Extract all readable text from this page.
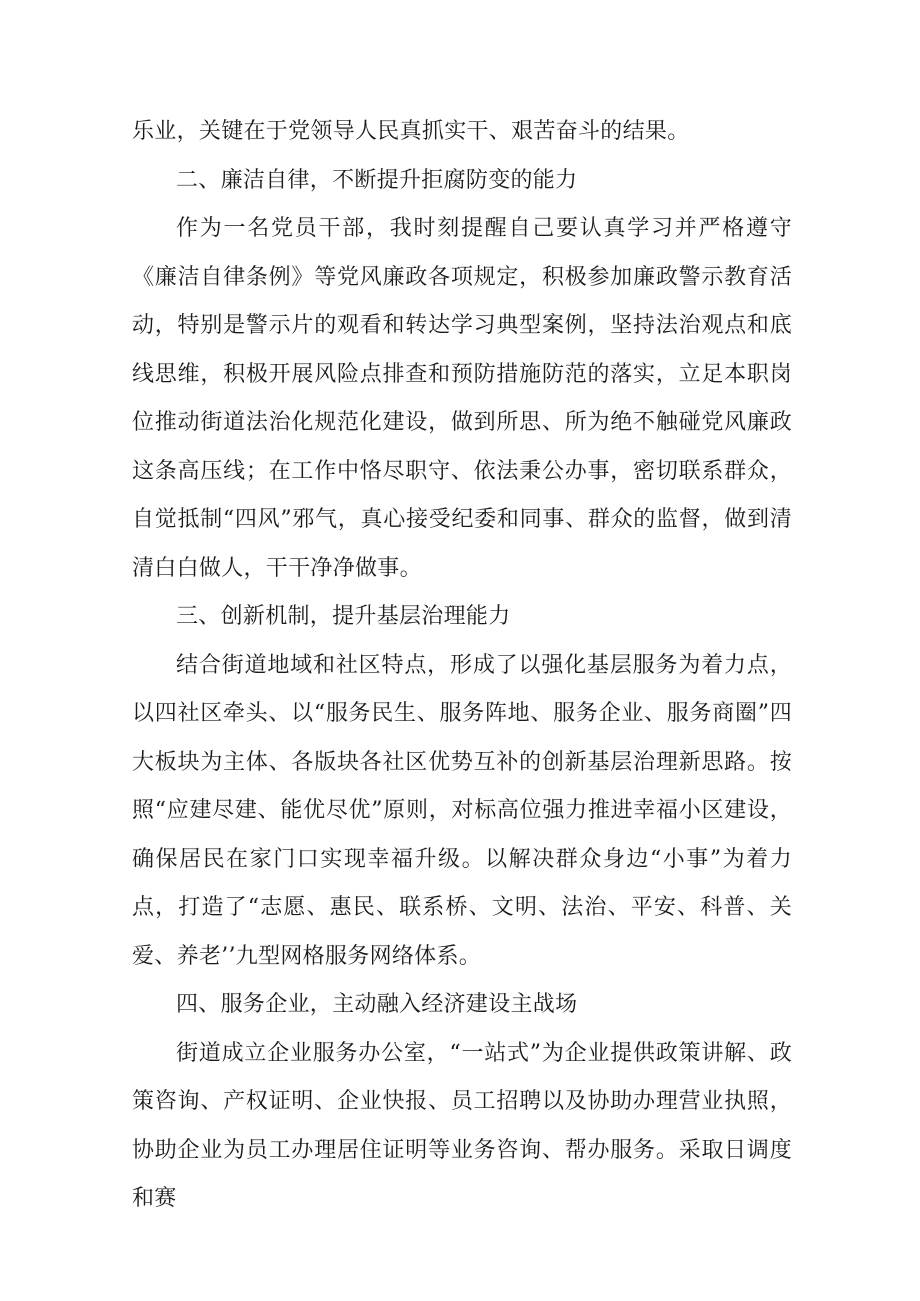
乐业，关键在于党领导人民真抓实干、艰苦奋斗的结果。

二、廉洁自律，不断提升拒腐防变的能力

作为一名党员干部，我时刻提醒自己要认真学习并严格遵守《廉洁自律条例》等党风廉政各项规定，积极参加廉政警示教育活动，特别是警示片的观看和转达学习典型案例，坚持法治观点和底线思维，积极开展风险点排查和预防措施防范的落实，立足本职岗位推动街道法治化规范化建设，做到所思、所为绝不触碰党风廉政这条高压线；在工作中恪尽职守、依法秉公办事，密切联系群众，自觉抵制“四风”邪气，真心接受纪委和同事、群众的监督，做到清清白白做人，干干净净做事。

三、创新机制，提升基层治理能力

结合街道地域和社区特点，形成了以强化基层服务为着力点，以四社区牵头、以“服务民生、服务阵地、服务企业、服务商圈”四大板块为主体、各版块各社区优势互补的创新基层治理新思路。按照“应建尽建、能优尽优”原则，对标高位强力推进幸福小区建设，确保居民在家门口实现幸福升级。以解决群众身边“小事”为着力点，打造了“志愿、惠民、联系桥、文明、法治、平安、科普、关爱、养老’’九型网格服务网络体系。

四、服务企业，主动融入经济建设主战场

街道成立企业服务办公室，“一站式”为企业提供政策讲解、政策咨询、产权证明、企业快报、员工招聘以及协助办理营业执照，协助企业为员工办理居住证明等业务咨询、帮办服务。采取日调度和赛
